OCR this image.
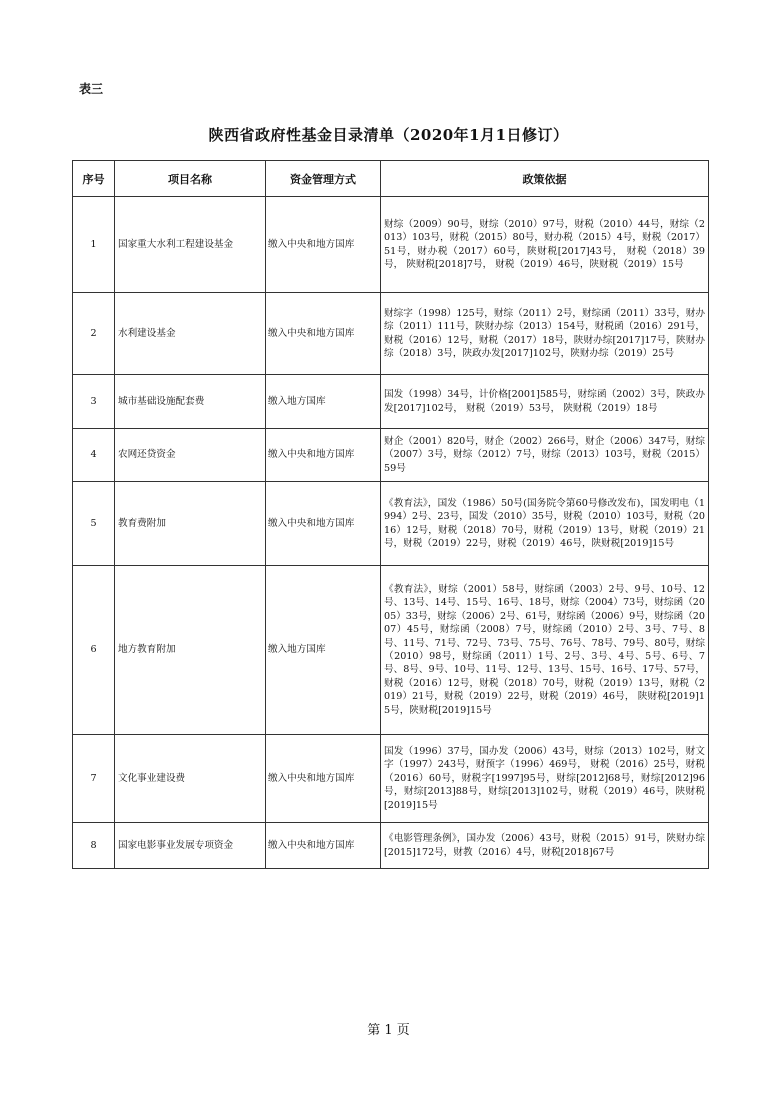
表三
陕西省政府性基金目录清单（2020年1月1日修订）
序号	项目名称	资金管理方式	政策依据
1	国家重大水利工程建设基金	缴入中央和地方国库	财综（2009）90号，财综（2010）97号，财税（2010）44号，财综（2013）103号，财税（2015）80号，财办税（2015）4号，财税（2017）51号，财办税（2017）60号，陕财税[2017]43号， 财税（2018）39号， 陕财税[2018]7号， 财税（2019）46号，陕财税（2019）15号
2	水利建设基金	缴入中央和地方国库	财综字（1998）125号，财综（2011）2号，财综函（2011）33号，财办综（2011）111号，陕财办综（2013）154号，财税函（2016）291号，财税（2016）12号，财税（2017）18号，陕财办综[2017]17号，陕财办综（2018）3号，陕政办发[2017]102号，陕财办综（2019）25号
3	城市基础设施配套费	缴入地方国库	国发（1998）34号，计价格[2001]585号，财综函（2002）3号，陕政办发[2017]102号， 财税（2019）53号， 陕财税（2019）18号
4	农网还贷资金	缴入中央和地方国库	财企（2001）820号，财企（2002）266号，财企（2006）347号，财综（2007）3号，财综（2012）7号，财综（2013）103号，财税（2015）59号
5	教育费附加	缴入中央和地方国库	《教育法》，国发（1986）50号(国务院令第60号修改发布)，国发明电（1994）2号、23号，国发（2010）35号，财税（2010）103号，财税（2016）12号，财税（2018）70号，财税（2019）13号，财税（2019）21号，财税（2019）22号，财税（2019）46号，陕财税[2019]15号
6	地方教育附加	缴入地方国库	《教育法》，财综（2001）58号，财综函（2003）2号、9号、10号、12号、13号、14号、15号、16号、18号，财综（2004）73号，财综函（2005）33号，财综（2006）2号、61号，财综函（2006）9号，财综函（2007）45号，财综函（2008）7号，财综函（2010）2号、3号、7号、8号、11号、71号、72号、73号、75号、76号、78号、79号、80号，财综（2010）98号，财综函（2011）1号、2号、3号、4号、5号、6号、7号、8号、9号、10号、11号、12号、13号、15号、16号、17号、57号， 财税（2016）12号，财税（2018）70号，财税（2019）13号，财税（2019）21号，财税（2019）22号，财税（2019）46号， 陕财税[2019]15号，陕财税[2019]15号
7	文化事业建设费	缴入中央和地方国库	国发（1996）37号，国办发（2006）43号，财综（2013）102号，财文字（1997）243号，财预字（1996）469号， 财税（2016）25号，财税（2016）60号，财税字[1997]95号，财综[2012]68号，财综[2012]96号，财综[2013]88号，财综[2013]102号，财税（2019）46号，陕财税[2019]15号
8	国家电影事业发展专项资金	缴入中央和地方国库	《电影管理条例》，国办发（2006）43号，财税（2015）91号，陕财办综[2015]172号，财教（2016）4号，财税[2018]67号
第 1 页
